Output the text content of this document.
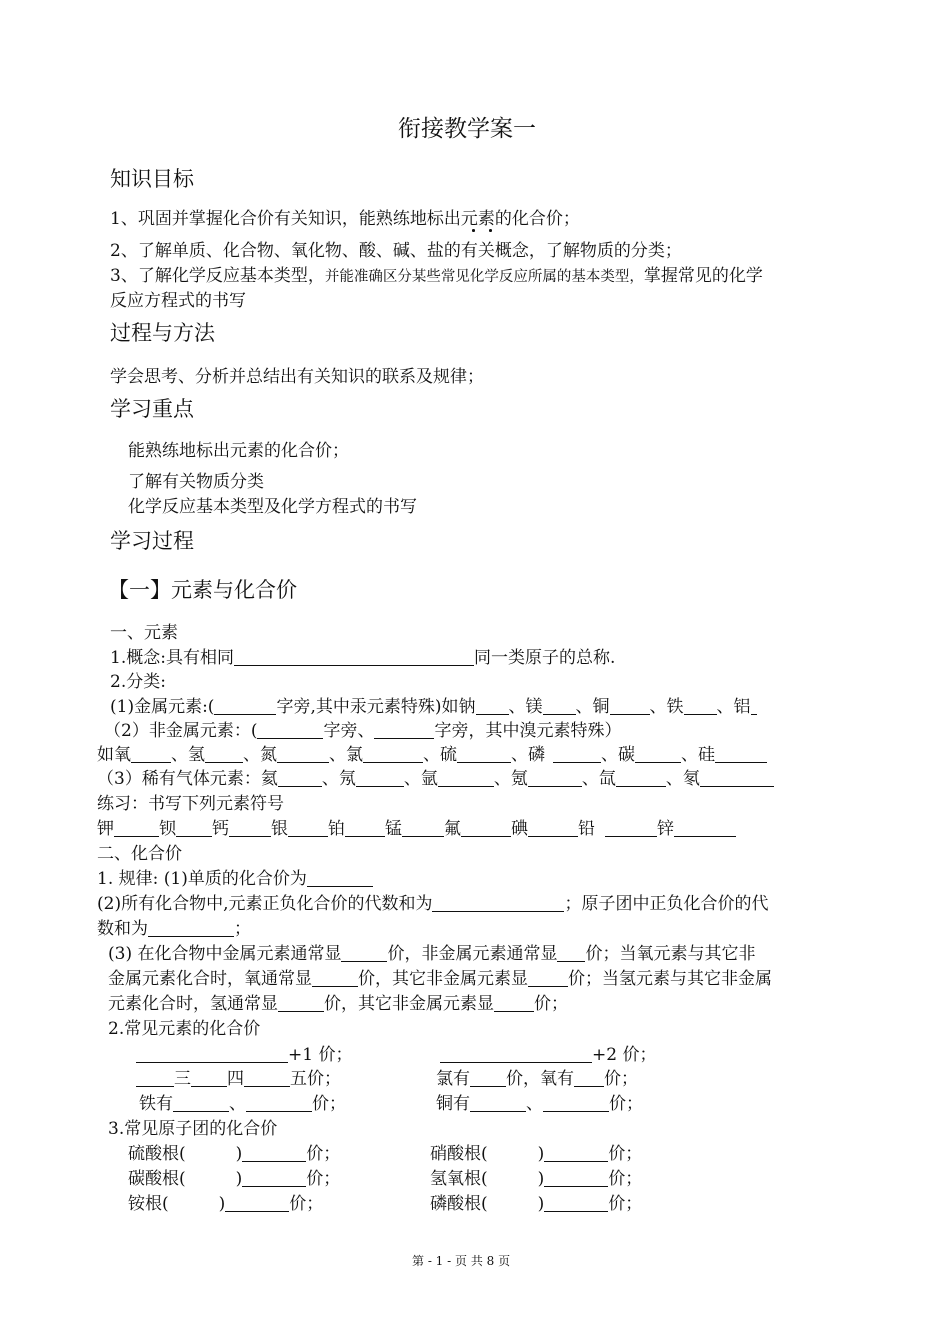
衔接教学案一
知识目标
1、巩固并掌握化合价有关知识，能熟练地标出元素的化合价；
2、了解单质、化合物、氧化物、酸、碱、盐的有关概念，了解物质的分类；
3、了解化学反应基本类型，并能准确区分某些常见化学反应所属的基本类型，掌握常见的化学
反应方程式的书写
过程与方法
学会思考、分析并总结出有关知识的联系及规律；
学习重点
能熟练地标出元素的化合价；
了解有关物质分类
化学反应基本类型及化学方程式的书写
学习过程
【一】元素与化合价
一、元素
1.概念:具有相同	同一类原子的总称.
2.分类:
(1)金属元素:(	字旁,其中汞元素特殊)如钠 、镁 、铜 、铁 、铝
（2）非金属元素：(	字旁、	字旁，其中溴元素特殊）
如氧 、氢 、氮	、氯	、硫	、磷	、碳	、硅
（3）稀有气体元素：氦	、氖	、氩	、氪	、氙	、氡
练习：书写下列元素符号
钾	钡 钙 银 铂 锰 氟	碘	铅	锌
二、化合价
1. 规律: (1)单质的化合价为
(2)所有化合物中,元素正负化合价的代数和为	；原子团中正负化合价的代
数和为	；
(3) 在化合物中金属元素通常显	价，非金属元素通常显 价；当氧元素与其它非
金属元素化合时，氧通常显	价，其它非金属元素显 价；当氢元素与其它非金属
元素化合时，氢通常显	价，其它非金属元素显 价；
2.常见元素的化合价
+1 价；	+2 价；
三 四	五价；	氯有 价，氧有 价；
铁有	、	价；	铜有	、	价；
3.常见原子团的化合价
硫酸根(	)	价；	硝酸根(	)	价；
碳酸根(	)	价；	氢氧根(	)	价；
铵根(	)	价；	磷酸根(	)	价；
第 - 1 - 页 共 8 页
